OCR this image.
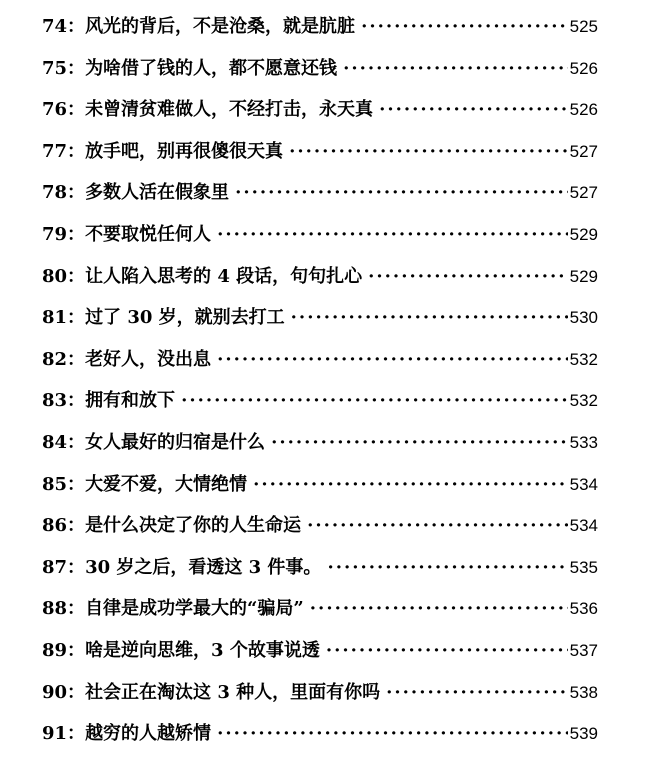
74： 风光的背后，不是沧桑，就是肮脏 ·····	525
75： 为啥借了钱的人，都不愿意还钱 ·····	526
76： 未曾清贫难做人，不经打击，永天真 ·····	526
77： 放手吧，别再很傻很天真 ·····	527
78： 多数人活在假象里 ·····	527
79： 不要取悦任何人 ·····	529
80： 让人陷入思考的 4 段话，句句扎心 ·····	529
81： 过了 30 岁，就别去打工 ·····	530
82： 老好人，没出息 ·····	532
83： 拥有和放下 ·····	532
84： 女人最好的归宿是什么 ·····	533
85： 大爱不爱，大情绝情 ·····	534
86： 是什么决定了你的人生命运 ·····	534
87： 30 岁之后，看透这 3 件事。 ·····	535
88： 自律是成功学最大的“骗局” ·····	536
89： 啥是逆向思维，3 个故事说透 ·····	537
90： 社会正在淘汰这 3 种人，里面有你吗 ·····	538
91： 越穷的人越矫情 ·····	539
